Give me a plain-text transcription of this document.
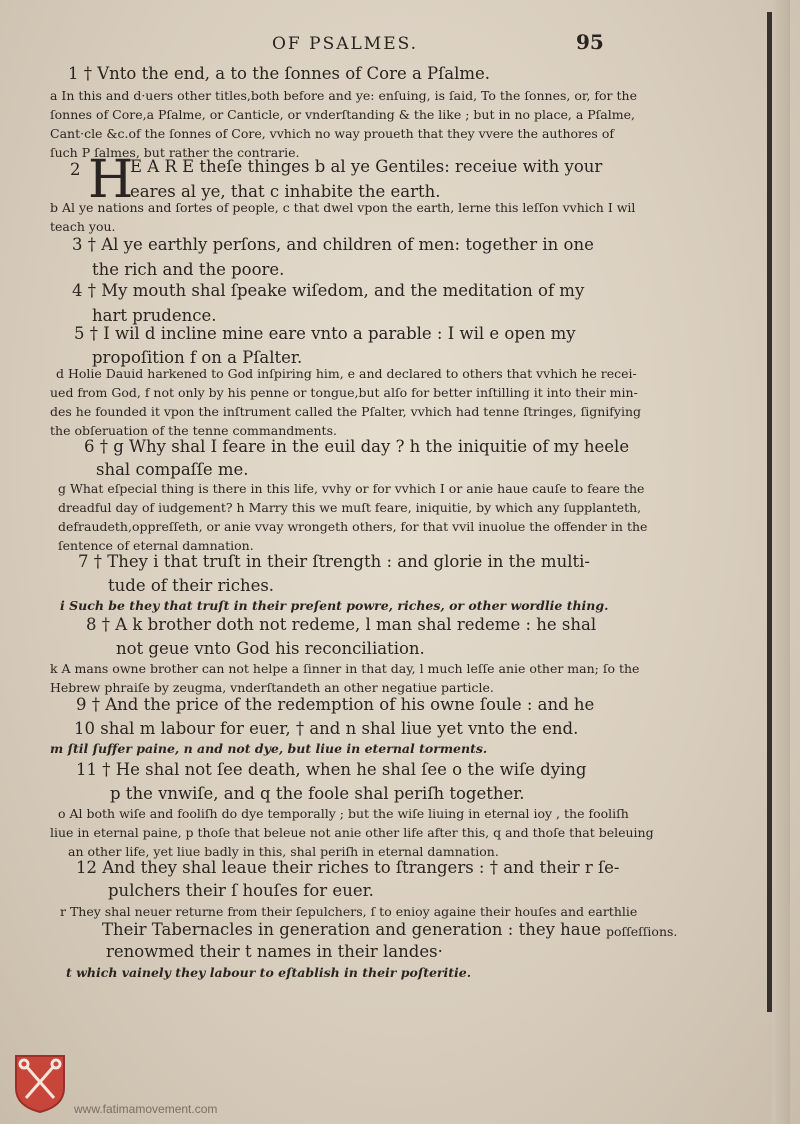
OF PSALMES.	95
H
1 † Vnto the end, a to the ſonnes of Core a Pſalme.
a In this and d·uers other titles,both before and ye: enſuing, is ſaid, To the ſonnes, or, for the
ſonnes of Core,a Pſalme, or Canticle, or vnderſtanding & the like ; but in no place, a Pſalme,
Cant·cle &c.of the ſonnes of Core, vvhich no way proueth that they vvere the authores of
ſuch P ſalmes, but rather the contrarie.
2	E A R E theſe thinges b al ye Gentiles: receiue with your
eares al ye, that c inhabite the earth.
b Al ye nations and ſortes of people, c that dwel vpon the earth, lerne this leſſon vvhich I wil
teach you.
3 † Al ye earthly perſons, and children of men: together in one
the rich and the poore.
4 † My mouth shal ſpeake wiſedom, and the meditation of my
hart prudence.
5 † I wil d incline mine eare vnto a parable : I wil e open my
propoſition f on a Pſalter.
d Holie Dauid harkened to God inſpiring him, e and declared to others that vvhich he recei-
ued from God, f not only by his penne or tongue,but alſo for better inſtilling it into their min-
des he founded it vpon the inſtrument called the Pſalter, vvhich had tenne ſtringes, ſignifying
the obſeruation of the tenne commandments.
6 † g Why shal I feare in the euil day ? h the iniquitie of my heele
shal compaſſe me.
g What eſpecial thing is there in this life, vvhy or for vvhich I or anie haue cauſe to feare the
dreadful day of iudgement? h Marry this we muſt feare, iniquitie, by which any ſupplanteth,
defraudeth,oppreſſeth, or anie vvay wrongeth others, for that vvil inuolue the offender in the
ſentence of eternal damnation.
7 † They i that truſt in their ſtrength : and glorie in the multi-
tude of their riches.
i Such be they that truſt in their preſent powre, riches, or other wordlie thing.
8 † A k brother doth not redeme, l man shal redeme : he shal
not geue vnto God his reconciliation.
k A mans owne brother can not helpe a ſinner in that day, l much leſſe anie other man; ſo the
Hebrew phraiſe by zeugma, vnderſtandeth an other negatiue particle.
9 † And the price of the redemption of his owne ſoule : and he
10 shal m labour for euer, † and n shal liue yet vnto the end.
m ſtil ſuffer paine, n and not dye, but liue in eternal torments.
11 † He shal not ſee death, when he shal ſee o the wiſe dying
p the vnwiſe, and q the foole shal periſh together.
o Al both wiſe and fooliſh do dye temporally ; but the wiſe liuing in eternal ioy , the fooliſh
liue in eternal paine, p thoſe that beleue not anie other life after this, q and thoſe that beleuing
an other life, yet liue badly in this, shal periſh in eternal damnation.
12 And they shal leaue their riches to ſtrangers : † and their r ſe-
pulchers their ſ houſes for euer.
r They shal neuer returne from their ſepulchers, ſ to enioy againe their houſes and earthlie
Their Tabernacles in generation and generation : they haue poſſeſſions.
renowmed their t names in their landes·
t which vainely they labour to eſtablish in their poſteritie.
www.fatimamovement.com
